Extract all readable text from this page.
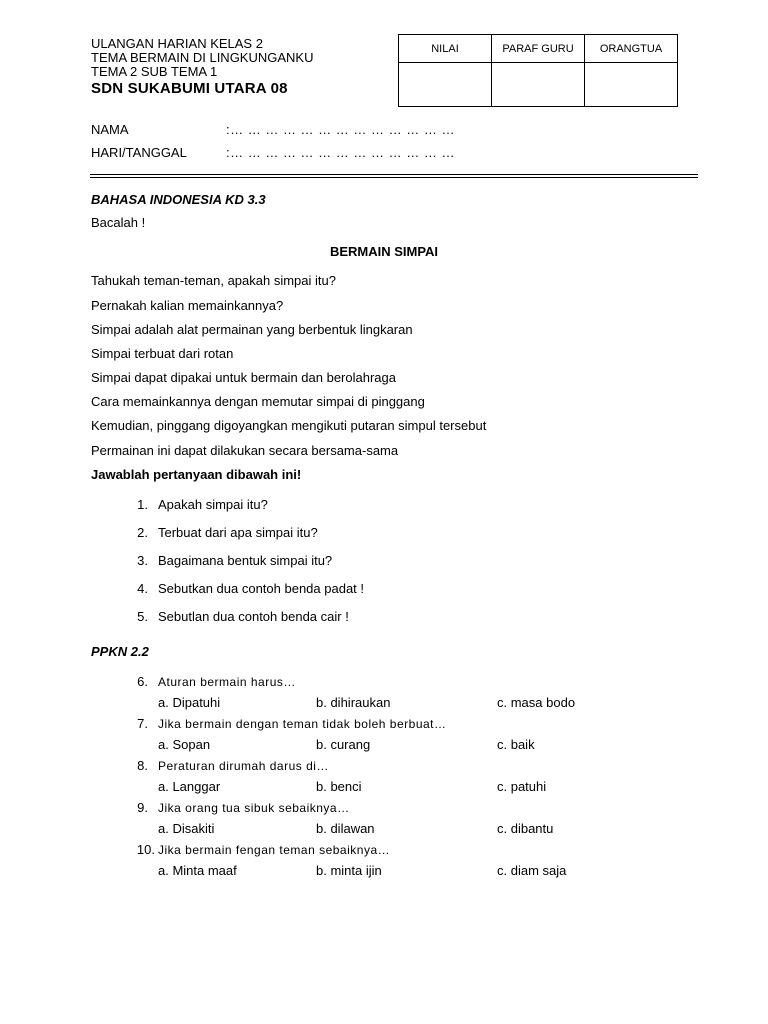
ULANGAN HARIAN KELAS 2
TEMA BERMAIN DI LINGKUNGANKU
TEMA 2 SUB TEMA 1
SDN SUKABUMI UTARA 08
NILAI	PARAF GURU	ORANGTUA

NAMA	:… … … … … … … … … … … … …
HARI/TANGGAL	:… … … … … … … … … … … … …
BAHASA INDONESIA KD 3.3
Bacalah !
BERMAIN SIMPAI
Tahukah teman-teman, apakah simpai itu?
Pernakah kalian memainkannya?
Simpai adalah alat permainan yang berbentuk lingkaran
Simpai terbuat dari rotan
Simpai dapat dipakai untuk bermain dan berolahraga
Cara memainkannya dengan memutar simpai di pinggang
Kemudian, pinggang digoyangkan mengikuti putaran simpul tersebut
Permainan ini dapat dilakukan secara bersama-sama
Jawablah pertanyaan dibawah ini!
1. Apakah simpai itu?
2. Terbuat dari apa simpai itu?
3. Bagaimana bentuk simpai itu?
4. Sebutkan dua contoh benda padat !
5. Sebutlan dua contoh benda cair !
PPKN 2.2
6. Aturan bermain harus…
a. Dipatuhi	b. dihiraukan	c. masa bodo
7. Jika bermain dengan teman tidak boleh berbuat…
a. Sopan	b. curang	c. baik
8. Peraturan dirumah darus di…
a. Langgar	b. benci	c. patuhi
9. Jika orang tua sibuk sebaiknya…
a. Disakiti	b. dilawan	c. dibantu
10. Jika bermain fengan teman sebaiknya…
a. Minta maaf	b. minta ijin	c. diam saja
